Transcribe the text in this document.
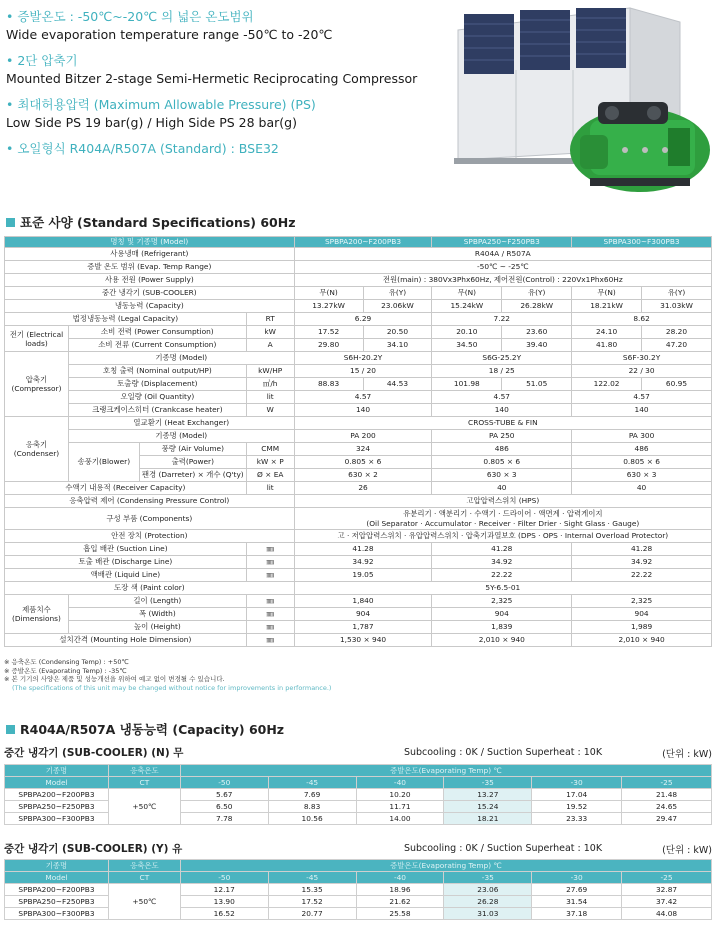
• 증발온도 : -50℃~-20℃ 의 넓은 온도범위
Wide evaporation temperature range -50℃ to -20℃
• 2단 압축기
Mounted Bitzer 2-stage Semi-Hermetic Reciprocating Compressor
• 최대허용압력 (Maximum Allowable Pressure) (PS)
Low Side PS 19 bar(g) / High Side PS 28 bar(g)
• 오일형식 R404A/R507A (Standard) : BSE32
표준 사양 (Standard Specifications) 60Hz
명칭 및 기종명 (Model)				SPBPA200~F200PB3		SPBPA250~F250PB3		SPBPA300~F300PB3	
사용냉매 (Refrigerant)				R404A / R507A					
증발 온도 범위 (Evap. Temp Range)				-50℃ ~ -25℃					
사용 전원 (Power Supply)				전원(main) : 380Vx3Phx60Hz, 제어전원(Control) : 220Vx1Phx60Hz					
중간 냉각기 (SUB-COOLER)				무(N)	유(Y)	무(N)	유(Y)	무(N)	유(Y)
냉동능력 (Capacity)				13.27kW	23.06kW	15.24kW	26.28kW	18.21kW	31.03kW
법정냉동능력 (Legal Capacity)			RT	6.29		7.22		8.62	
전기 (Electrical loads)	소비 전력 (Power Consumption)		kW	17.52	20.50	20.10	23.60	24.10	28.20
	소비 전류 (Current Consumption)		A	29.80	34.10	34.50	39.40	41.80	47.20
압축기 (Compressor)	기종명 (Model)			S6H-20.2Y		S6G-25.2Y		S6F-30.2Y	
	호칭 출력 (Nominal output/HP)		kW/HP	15 / 20		18 / 25		22 / 30	
	토출량 (Displacement)		㎥/h	88.83	44.53	101.98	51.05	122.02	60.95
	오일량 (Oil Quantity)		lit	4.57		4.57		4.57	
	크랭크케이스히터 (Crankcase heater)		W	140		140		140	
응축기 (Condenser)	열교환기 (Heat Exchanger)			CROSS-TUBE & FIN					
	기종명 (Model)			PA 200		PA 250		PA 300	
	송풍기(Blower)	풍량 (Air Volume)	CMM	324		486		486	
		출력(Power)	kW × P	0.805 × 6		0.805 × 6		0.805 × 6	
		팬경 (Darreter) × 개수 (Q'ty)	Ø × EA	630 × 2		630 × 3		630 × 3	
수액기 내용적 (Receiver Capacity)			lit	26		40		40	
응축압력 제어 (Condensing Pressure Control)				고압압력스위치 (HPS)					
구성 부품 (Components)				유분리기 · 액분리기 · 수액기 · 드라이어 · 액면계 · 압력게이지
(Oil Separator · Accumulator · Receiver · Filter Drier · Sight Glass · Gauge)					

안전 장치 (Protection)				고 · 저압압력스위치 · 유압압력스위치 · 압축기과열보호 (DPS · OPS · Internal Overload Protector)					
흡입 배관 (Suction Line)			㎜	41.28		41.28		41.28	
토출 배관 (Discharge Line)			㎜	34.92		34.92		34.92	
액배관 (Liquid Line)			㎜	19.05		22.22		22.22	
도장 색 (Paint color)				5Y-6.5-01					
제품치수 (Dimensions)	길이 (Length)		㎜	1,840		2,325		2,325	
	폭 (Width)		㎜	904		904		904	
	높이 (Height)		㎜	1,787		1,839		1,989	
설치간격 (Mounting Hole Dimension)			㎜	1,530 × 940		2,010 × 940		2,010 × 940	
※ 응축온도 (Condensing Temp) : +50℃
※ 증발온도 (Evaporating Temp) : -35℃
※ 본 기기의 사양은 제품 및 성능개선을 위하여 예고 없이 변경될 수 있습니다.
(The specifications of this unit may be changed without notice for improvements in performance.)
R404A/R507A 냉동능력 (Capacity) 60Hz
중간 냉각기 (SUB-COOLER) (N) 무	Subcooling : 0K / Suction Superheat : 10K	(단위 : kW)
기종명	응축온도	증발온도(Evaporating Temp) ℃					
Model	CT	-50	-45	-40	-35	-30	-25
SPBPA200~F200PB3	+50℃	5.67	7.69	10.20	13.27	17.04	21.48
SPBPA250~F250PB3		6.50	8.83	11.71	15.24	19.52	24.65
SPBPA300~F300PB3		7.78	10.56	14.00	18.21	23.33	29.47
중간 냉각기 (SUB-COOLER) (Y) 유	Subcooling : 0K / Suction Superheat : 10K	(단위 : kW)
기종명	응축온도	증발온도(Evaporating Temp) ℃					
Model	CT	-50	-45	-40	-35	-30	-25
SPBPA200~F200PB3	+50℃	12.17	15.35	18.96	23.06	27.69	32.87
SPBPA250~F250PB3		13.90	17.52	21.62	26.28	31.54	37.42
SPBPA300~F300PB3		16.52	20.77	25.58	31.03	37.18	44.08
